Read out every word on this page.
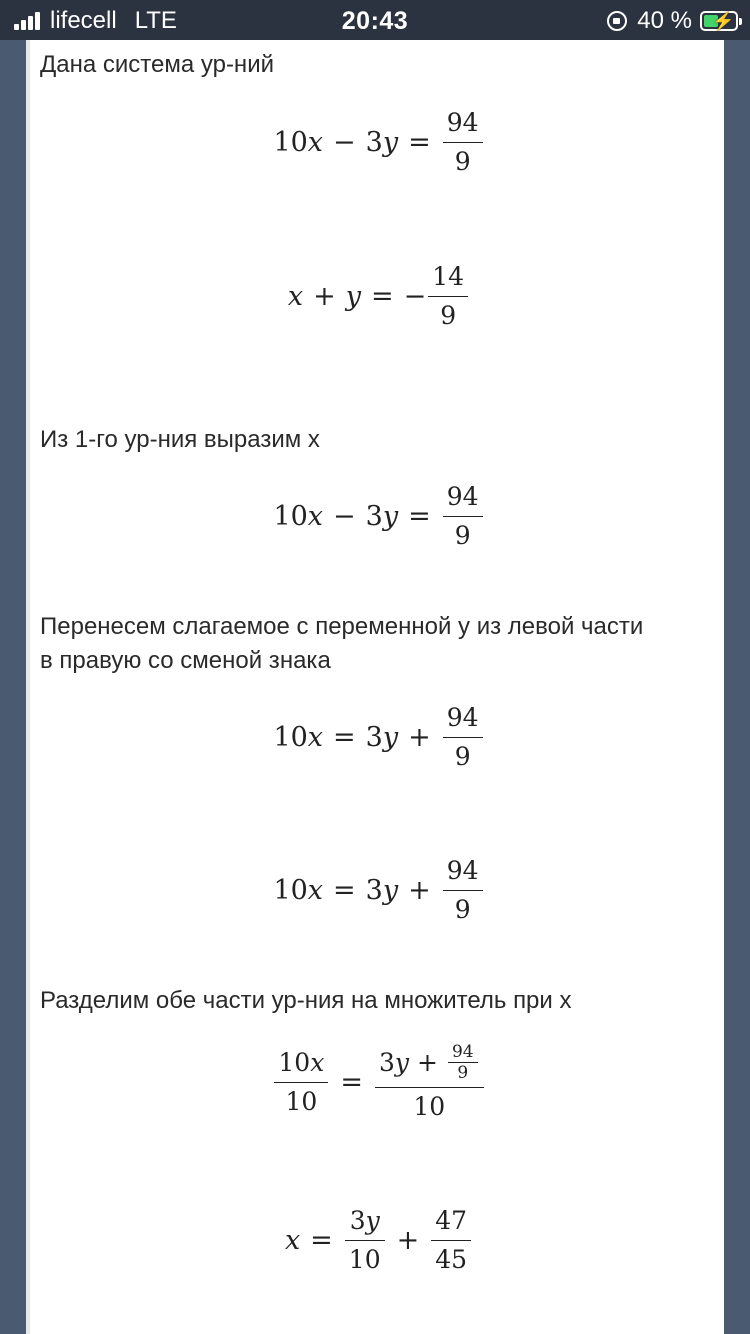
lifecell LTE	20:43	40 % ⚡
Дана система ур-ний
10 x − 3 $y = \frac{94}{9}$
x + y = − $\frac{14}{9}$
Из 1-го ур-ния выразим x
10 x − 3 $y = \frac{94}{9}$
Перенесем слагаемое с переменной у из левой части
в правую со сменой знака
10 x = 3 $y + \frac{94}{9}$
10 x = 3 $y + \frac{94}{9}$
Разделим обе части ур-ния на множитель при x
$\frac{10x}{10} = \frac{3 y + \frac{94}{9}}{10}$
$x = \frac{3y}{10} + \frac{47}{45}$
